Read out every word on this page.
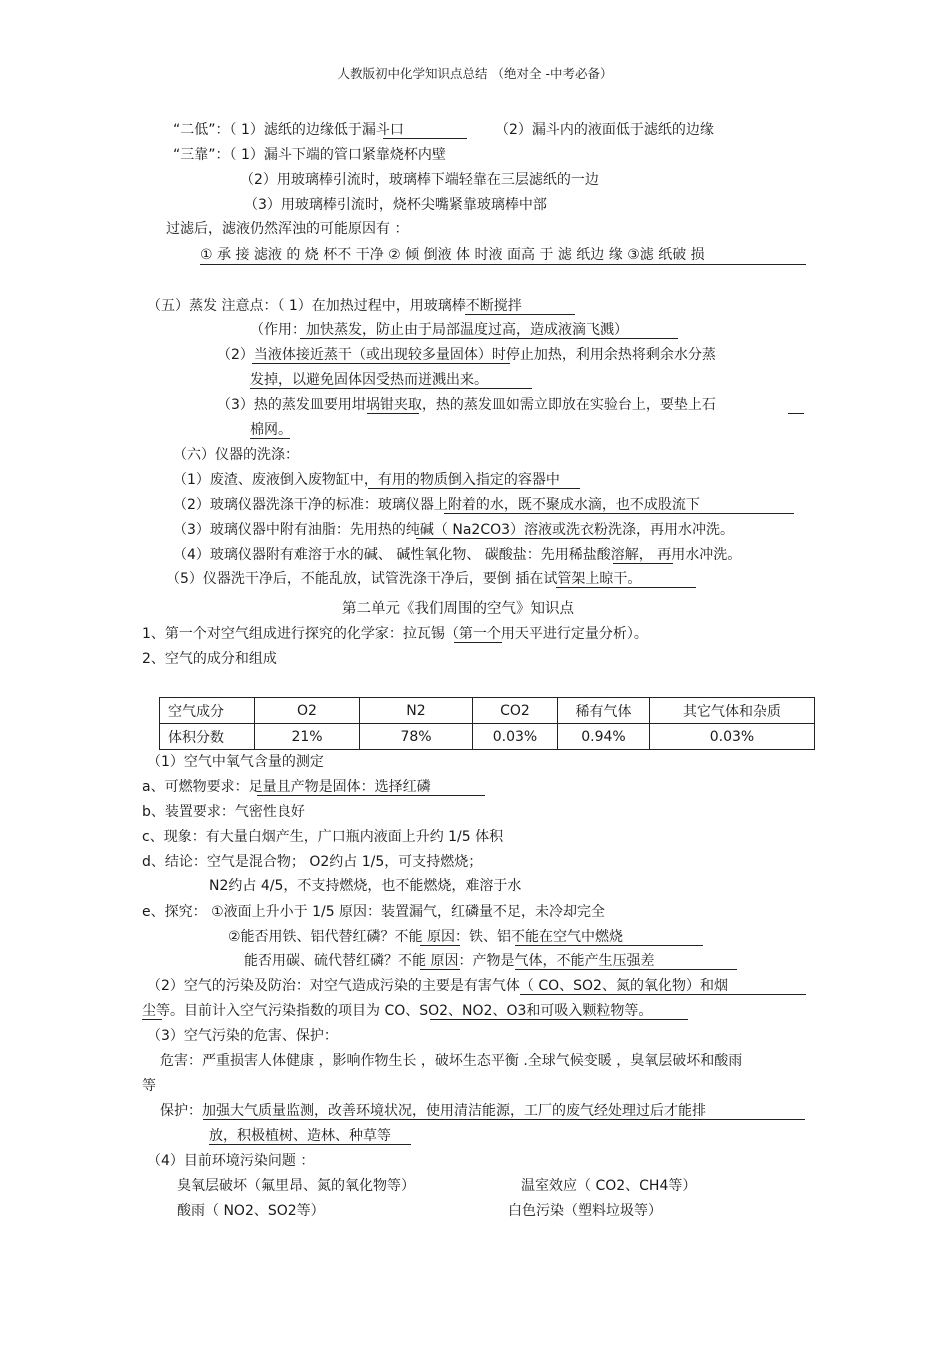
人教版初中化学知识点总结 （绝对全 -中考必备）
“二低”：（ 1）滤纸的边缘低于漏斗口	（2）漏斗内的液面低于滤纸的边缘
“三靠”：（ 1）漏斗下端的管口紧靠烧杯内壁
（2）用玻璃棒引流时，玻璃棒下端轻靠在三层滤纸的一边
（3）用玻璃棒引流时，烧杯尖嘴紧靠玻璃棒中部
过滤后，滤液仍然浑浊的可能原因有 ：
① 承 接 滤液 的 烧 杯不 干净 ② 倾 倒液 体 时液 面高 于 滤 纸边 缘 ③滤 纸破 损
（五）蒸发 注意点：（ 1）在加热过程中，用玻璃棒不断搅拌
（作用：加快蒸发，防止由于局部温度过高，造成液滴飞溅）
（2）当液体接近蒸干（或出现较多量固体）时停止加热，利用余热将剩余水分蒸
发掉，以避免固体因受热而迸溅出来。
（3）热的蒸发皿要用坩埚钳夹取，热的蒸发皿如需立即放在实验台上，要垫上石
棉网。
（六）仪器的洗涤：
（1）废渣、废液倒入废物缸中，有用的物质倒入指定的容器中
（2）玻璃仪器洗涤干净的标准：玻璃仪器上附着的水，既不聚成水滴，也不成股流下
（3）玻璃仪器中附有油脂：先用热的纯碱（ Na2CO3）溶液或洗衣粉洗涤，再用水冲洗。
（4）玻璃仪器附有难溶于水的碱、 碱性氧化物、 碳酸盐：先用稀盐酸溶解， 再用水冲洗。
（5）仪器洗干净后，不能乱放，试管洗涤干净后，要倒 插在试管架上晾干。
第二单元《我们周围的空气》知识点
1、第一个对空气组成进行探究的化学家：拉瓦锡（第一个用天平进行定量分析）。
2、空气的成分和组成
空气成分	O2	N2	CO2	稀有气体	其它气体和杂质
体积分数	21%	78%	0.03%	0.94%	0.03%
（1）空气中氧气含量的测定
a、可燃物要求：足量且产物是固体：选择红磷
b、装置要求：气密性良好
c、现象：有大量白烟产生，广口瓶内液面上升约 1/5 体积
d、结论：空气是混合物； O2约占 1/5，可支持燃烧；
N2约占 4/5，不支持燃烧，也不能燃烧，难溶于水
e、探究： ①液面上升小于 1/5 原因：装置漏气，红磷量不足，未冷却完全
②能否用铁、铝代替红磷？不能 原因：铁、铝不能在空气中燃烧
能否用碳、硫代替红磷？不能 原因：产物是气体，不能产生压强差
（2）空气的污染及防治：对空气造成污染的主要是有害气体（ CO、SO2、氮的氧化物）和烟
尘等。目前计入空气污染指数的项目为 CO、SO2、NO2、O3和可吸入颗粒物等。
（3）空气污染的危害、保护：
危害：严重损害人体健康 ，影响作物生长 ，破坏生态平衡 .全球气候变暖 ，臭氧层破坏和酸雨
等
保护：加强大气质量监测，改善环境状况，使用清洁能源，工厂的废气经处理过后才能排
放，积极植树、造林、种草等
（4）目前环境污染问题 ：
臭氧层破坏（氟里昂、氮的氧化物等）	温室效应（ CO2、CH4等）
酸雨（ NO2、SO2等）	白色污染（塑料垃圾等）
